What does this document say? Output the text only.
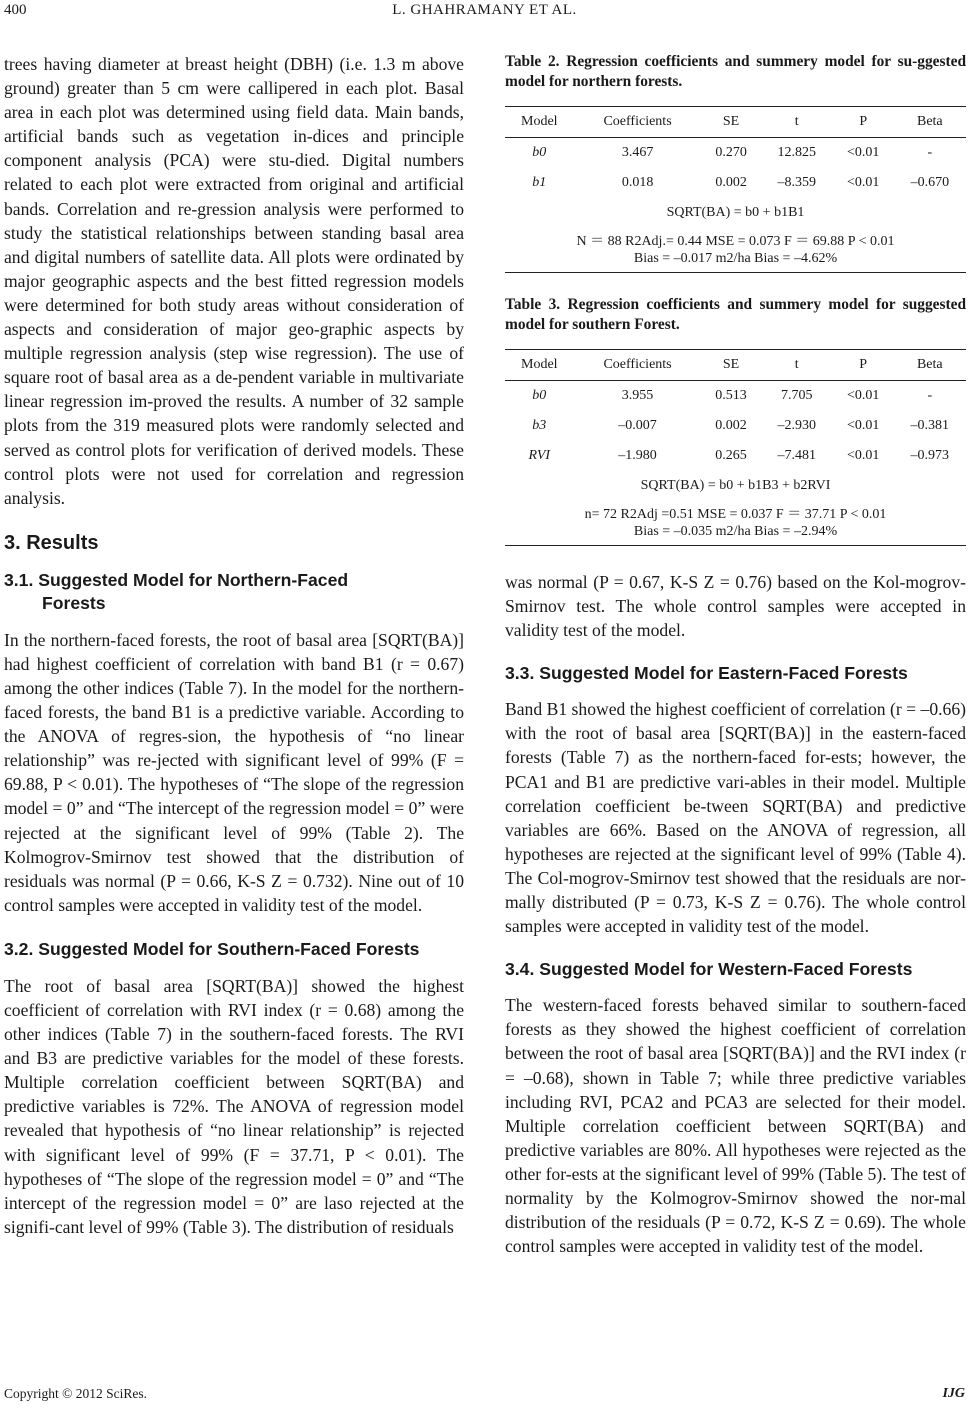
400	L. GHAHRAMANY ET AL.
trees having diameter at breast height (DBH) (i.e. 1.3 m above ground) greater than 5 cm were callipered in each plot. Basal area in each plot was determined using field data. Main bands, artificial bands such as vegetation in-dices and principle component analysis (PCA) were stu-died. Digital numbers related to each plot were extracted from original and artificial bands. Correlation and re-gression analysis were performed to study the statistical relationships between standing basal area and digital numbers of satellite data. All plots were ordinated by major geographic aspects and the best fitted regression models were determined for both study areas without consideration of aspects and consideration of major geo-graphic aspects by multiple regression analysis (step wise regression). The use of square root of basal area as a de-pendent variable in multivariate linear regression im-proved the results. A number of 32 sample plots from the 319 measured plots were randomly selected and served as control plots for verification of derived models. These control plots were not used for correlation and regression analysis.
3. Results
3.1. Suggested Model for Northern-Faced
Forests
In the northern-faced forests, the root of basal area [SQRT(BA)] had highest coefficient of correlation with band B1 (r = 0.67) among the other indices (Table 7). In the model for the northern-faced forests, the band B1 is a predictive variable. According to the ANOVA of regres-sion, the hypothesis of “no linear relationship” was re-jected with significant level of 99% (F = 69.88, P < 0.01). The hypotheses of “The slope of the regression model = 0” and “The intercept of the regression model = 0” were rejected at the significant level of 99% (Table 2). The Kolmogrov-Smirnov test showed that the distribution of residuals was normal (P = 0.66, K-S Z = 0.732). Nine out of 10 control samples were accepted in validity test of the model.
3.2. Suggested Model for Southern-Faced Forests
The root of basal area [SQRT(BA)] showed the highest coefficient of correlation with RVI index (r = 0.68) among the other indices (Table 7) in the southern-faced forests. The RVI and B3 are predictive variables for the model of these forests. Multiple correlation coefficient between SQRT(BA) and predictive variables is 72%. The ANOVA of regression model revealed that hypothesis of “no linear relationship” is rejected with significant level of 99% (F = 37.71, P < 0.01). The hypotheses of “The slope of the regression model = 0” and “The intercept of the regression model = 0” are laso rejected at the signifi-cant level of 99% (Table 3). The distribution of residuals
Table 2. Regression coefficients and summery model for su-ggested model for northern forests.
Model	Coefficients	SE	t	P	Beta
b0	3.467	0.270	12.825	<0.01	-
b1	0.018	0.002	–8.359	<0.01	–0.670
SQRT(BA) = b0 + b1B1					

N ＝ 88 R2Adj.= 0.44 MSE = 0.073 F ＝ 69.88 P < 0.01
Bias = –0.017 m2/ha Bias = –4.62%					
Table 3. Regression coefficients and summery model for suggested model for southern Forest.
Model	Coefficients	SE	t	P	Beta
b0	3.955	0.513	7.705	<0.01	-
b3	–0.007	0.002	–2.930	<0.01	–0.381
RVI	–1.980	0.265	–7.481	<0.01	–0.973
SQRT(BA) = b0 + b1B3 + b2RVI					

n= 72 R2Adj =0.51 MSE = 0.037 F ＝ 37.71 P < 0.01
Bias = –0.035 m2/ha Bias = –2.94%					
was normal (P = 0.67, K-S Z = 0.76) based on the Kol-mogrov-Smirnov test. The whole control samples were accepted in validity test of the model.
3.3. Suggested Model for Eastern-Faced Forests
Band B1 showed the highest coefficient of correlation (r = –0.66) with the root of basal area [SQRT(BA)] in the eastern-faced forests (Table 7) as the northern-faced for-ests; however, the PCA1 and B1 are predictive vari-ables in their model. Multiple correlation coefficient be-tween SQRT(BA) and predictive variables are 66%. Based on the ANOVA of regression, all hypotheses are rejected at the significant level of 99% (Table 4). The Col-mogrov-Smirnov test showed that the residuals are nor-mally distributed (P = 0.73, K-S Z = 0.76). The whole control samples were accepted in validity test of the model.
3.4. Suggested Model for Western-Faced Forests
The western-faced forests behaved similar to southern-faced forests as they showed the highest coefficient of correlation between the root of basal area [SQRT(BA)] and the RVI index (r = –0.68), shown in Table 7; while three predictive variables including RVI, PCA2 and PCA3 are selected for their model. Multiple correlation coefficient between SQRT(BA) and predictive variables are 80%. All hypotheses were rejected as the other for-ests at the significant level of 99% (Table 5). The test of normality by the Kolmogrov-Smirnov showed the nor-mal distribution of the residuals (P = 0.72, K-S Z = 0.69). The whole control samples were accepted in validity test of the model.
Copyright © 2012 SciRes.	IJG
